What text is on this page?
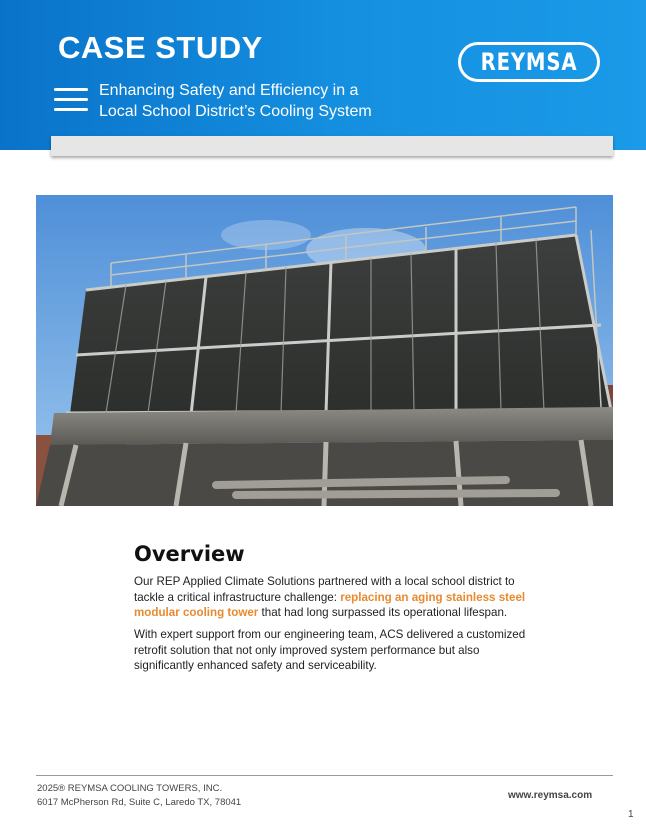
CASE STUDY
Enhancing Safety and Efficiency in a
Local School District’s Cooling System
REYMSA
Overview
Our REP Applied Climate Solutions partnered with a local school district to
tackle a critical infrastructure challenge: replacing an aging stainless steel
modular cooling tower that had long surpassed its operational lifespan.
With expert support from our engineering team, ACS delivered a customized
retrofit solution that not only improved system performance but also
significantly enhanced safety and serviceability.
2025® REYMSA COOLING TOWERS, INC.
6017 McPherson Rd, Suite C, Laredo TX, 78041
www.reymsa.com
1
